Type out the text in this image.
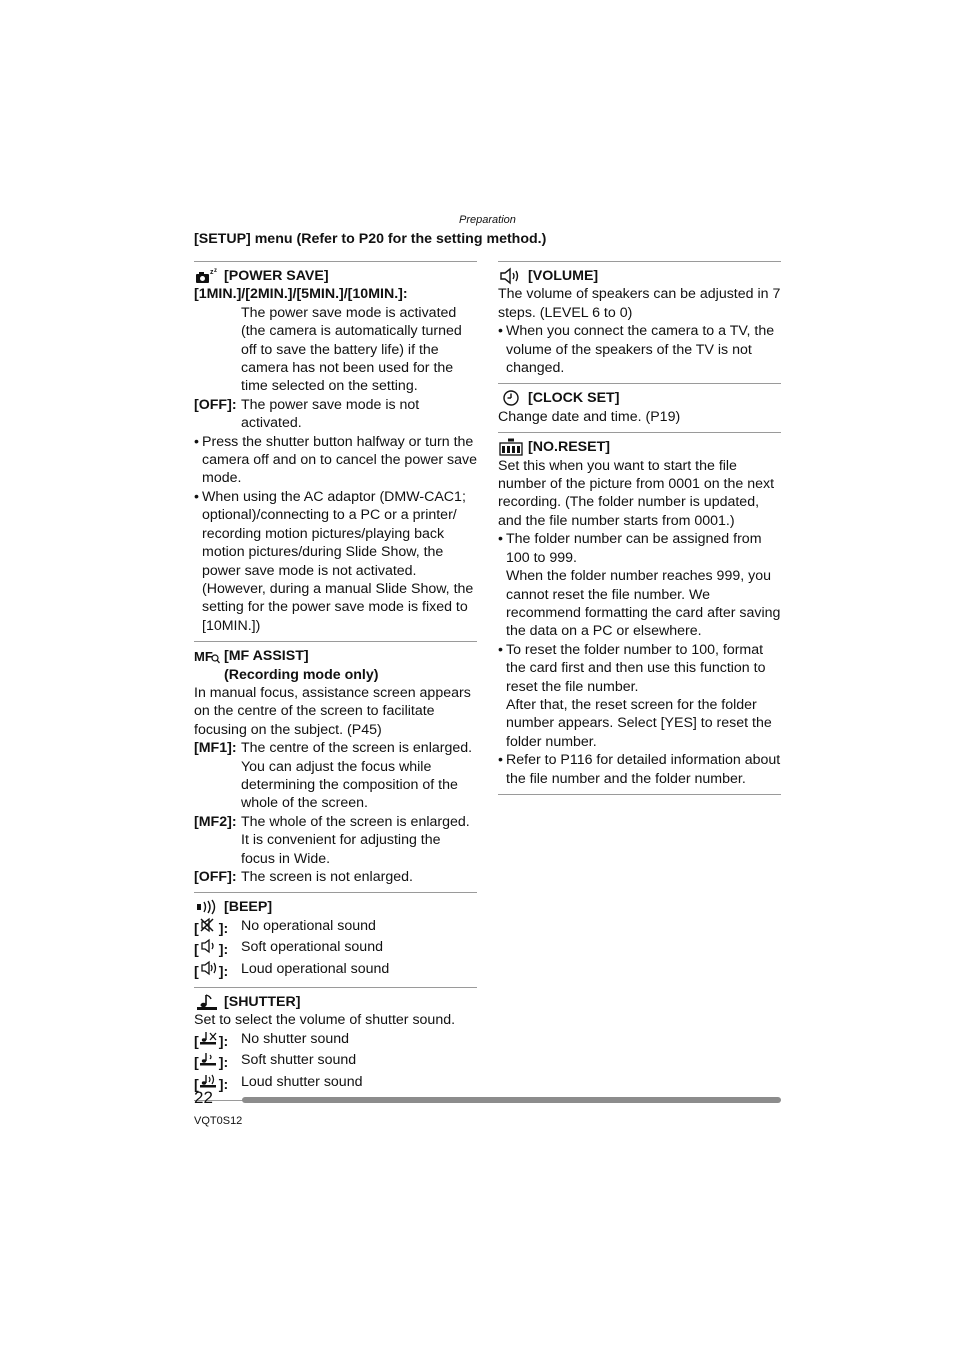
Preparation
[SETUP] menu (Refer to P20 for the setting method.)
z z [POWER SAVE]
[1MIN.]/[2MIN.]/[5MIN.]/[10MIN.]:
The power save mode is activated (the camera is automatically turned off to save the battery life) if the camera has not been used for the time selected on the setting.
[OFF]: The power save mode is not activated.
• Press the shutter button halfway or turn the camera off and on to cancel the power save mode.
• When using the AC adaptor (DMW-CAC1; optional)/connecting to a PC or a printer/ recording motion pictures/playing back motion pictures/during Slide Show, the power save mode is not activated. (However, during a manual Slide Show, the setting for the power save mode is fixed to [10MIN.])
MF [MF ASSIST]
(Recording mode only)
In manual focus, assistance screen appears on the centre of the screen to facilitate focusing on the subject. (P45)
[MF1]: The centre of the screen is enlarged. You can adjust the focus while determining the composition of the whole of the screen.
[MF2]: The whole of the screen is enlarged. It is convenient for adjusting the focus in Wide.
[OFF]: The screen is not enlarged.
[BEEP]
[ ]: No operational sound
[ ]: Soft operational sound
[ ]: Loud operational sound
[SHUTTER]
Set to select the volume of shutter sound.
[ ]: No shutter sound
[ ]: Soft shutter sound
[ ]: Loud shutter sound
[VOLUME]
The volume of speakers can be adjusted in 7 steps. (LEVEL 6 to 0)
• When you connect the camera to a TV, the volume of the speakers of the TV is not changed.
[CLOCK SET]
Change date and time. (P19)
[NO.RESET]
Set this when you want to start the file number of the picture from 0001 on the next recording. (The folder number is updated, and the file number starts from 0001.)
• The folder number can be assigned from 100 to 999.
When the folder number reaches 999, you cannot reset the file number. We recommend formatting the card after saving the data on a PC or elsewhere.
• To reset the folder number to 100, format the card first and then use this function to reset the file number.
After that, the reset screen for the folder number appears. Select [YES] to reset the folder number.
• Refer to P116 for detailed information about the file number and the folder number.
22
VQT0S12
